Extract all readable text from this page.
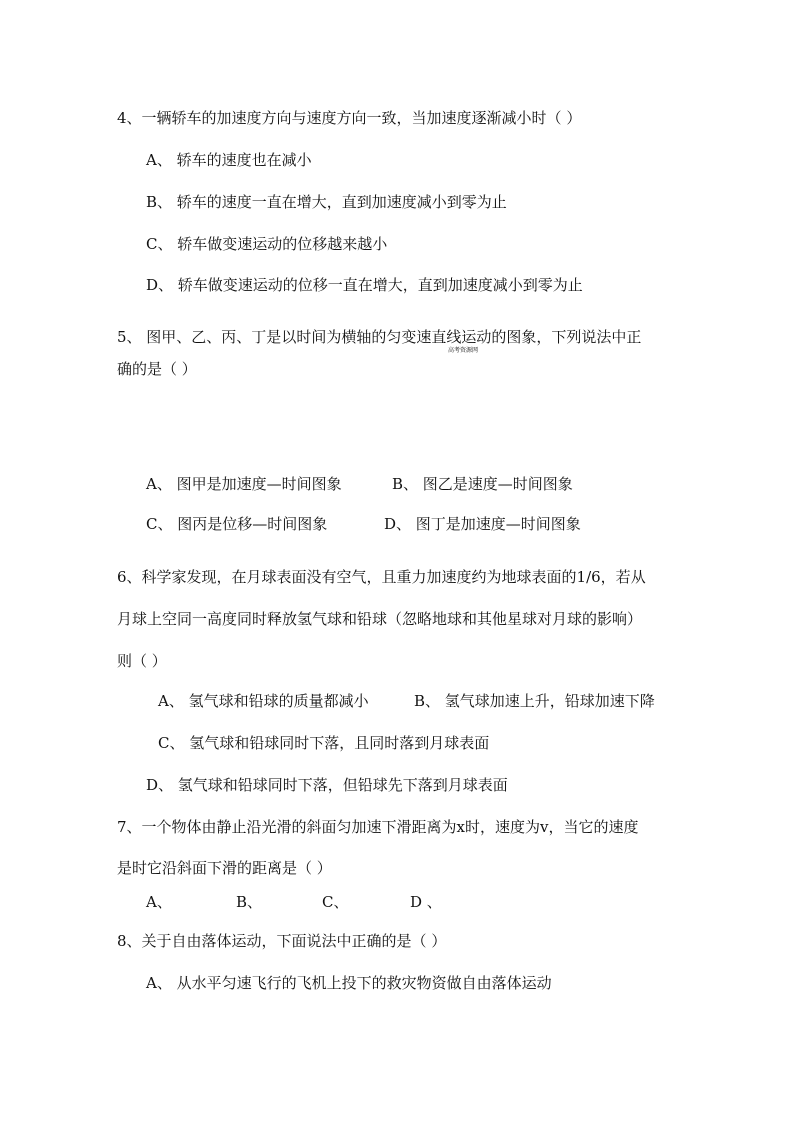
4、一辆轿车的加速度方向与速度方向一致，当加速度逐渐减小时（ ）
A、 轿车的速度也在减小
B、 轿车的速度一直在增大，直到加速度减小到零为止
C、 轿车做变速运动的位移越来越小
D、 轿车做变速运动的位移一直在增大，直到加速度减小到零为止
5、 图甲、乙、丙、丁是以时间为横轴的匀变速直线运动的图象，下列说法中正
$_{高考资源网}$
确的是（ ）
A、 图甲是加速度—时间图象	B、 图乙是速度—时间图象
C、 图丙是位移—时间图象	D、 图丁是加速度—时间图象
6、科学家发现，在月球表面没有空气，且重力加速度约为地球表面的1/6，若从
月球上空同一高度同时释放氢气球和铅球（忽略地球和其他星球对月球的影响）
则（ ）
A、 氢气球和铅球的质量都减小	B、 氢气球加速上升，铅球加速下降
C、 氢气球和铅球同时下落，且同时落到月球表面
D、 氢气球和铅球同时下落，但铅球先下落到月球表面
7、一个物体由静止沿光滑的斜面匀加速下滑距离为x时，速度为v，当它的速度
是时它沿斜面下滑的距离是（ ）
A、	B、	C、	D 、
8、关于自由落体运动，下面说法中正确的是（ ）
A、 从水平匀速飞行的飞机上投下的救灾物资做自由落体运动
